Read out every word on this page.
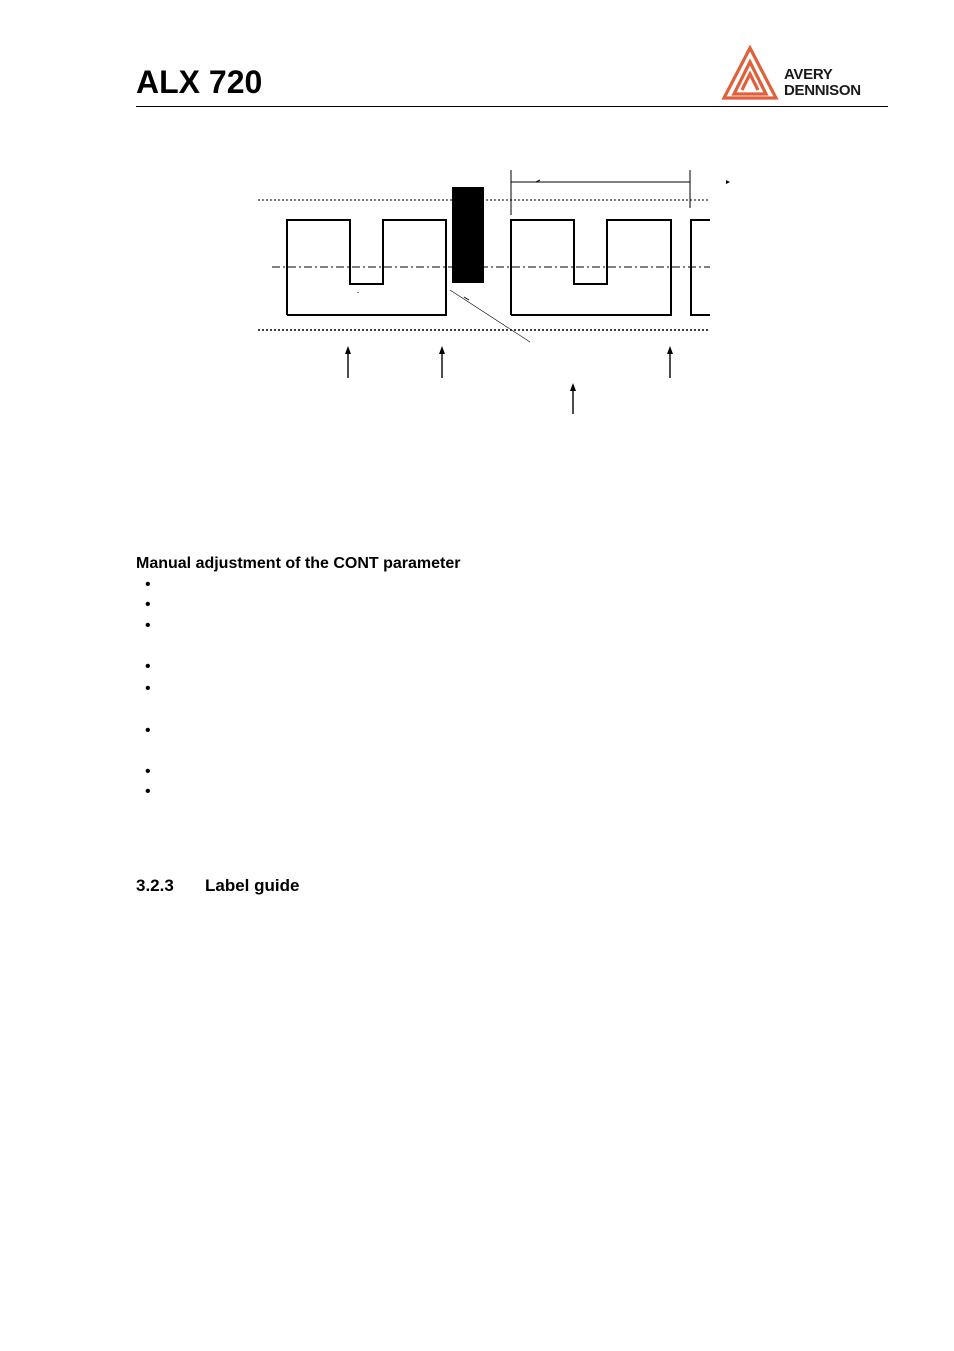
ALX 720	AVERY
DENNISON
Manual adjustment of the CONT parameter
•
•
•
•
•
•
•
•
3.2.3 Label guide
